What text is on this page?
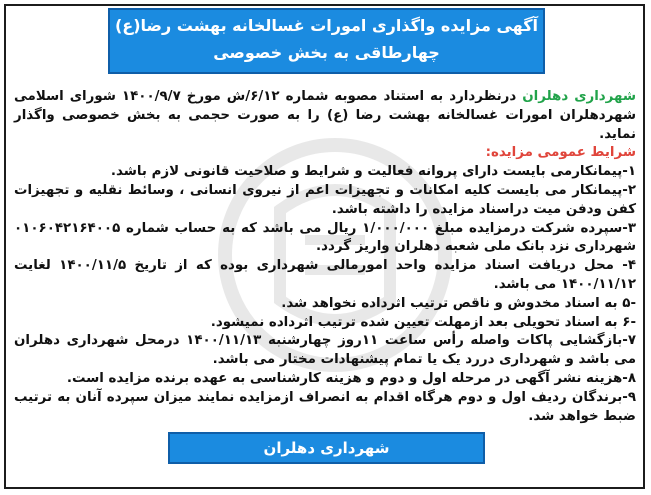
آگهی مزایده واگذاری امورات غسالخانه بهشت رضا(ع)
چهارطاقی به بخش خصوصی

شهرداری دهلران درنظردارد به استناد مصوبه شماره ۶/۱۲/ش مورخ ۱۴۰۰/۹/۷ شورای اسلامی شهردهلران امورات غسالخانه بهشت رضا (ع) را به صورت حجمی به بخش خصوصی واگذار نماید.

شرایط عمومی مزایده:

۱-پیمانکارمی بایست دارای پروانه فعالیت و شرایط و صلاحیت قانونی لازم باشد.

۲-پیمانکار می بایست کلیه امکانات و تجهیزات اعم از نیروی انسانی ، وسائط نقلیه و تجهیزات کفن ودفن میت دراسناد مزایده را داشته باشد.

۳-سپرده شرکت درمزایده مبلغ ۱/۰۰۰/۰۰۰ ریال می باشد که به حساب شماره ۰۱۰۶۰۴۲۱۶۴۰۰۵ شهرداری نزد بانک ملی شعبه دهلران واریز گردد.

۴- محل دریافت اسناد مزایده واحد امورمالی شهرداری بوده که از تاریخ ۱۴۰۰/۱۱/۵ لغایت ۱۴۰۰/۱۱/۱۲ می باشد.

-۵ به اسناد مخدوش و ناقص ترتیب اثرداده نخواهد شد.

-۶ به اسناد تحویلی بعد ازمهلت تعیین شده ترتیب اثرداده نمیشود.

۷-بازگشایی پاکات واصله رأس ساعت ۱۱روز چهارشنبه ۱۴۰۰/۱۱/۱۳ درمحل شهرداری دهلران می باشد و شهرداری دررد یک یا تمام پیشنهادات مختار می باشد.

۸-هزینه نشر آگهی در مرحله اول و دوم و هزینه کارشناسی به عهده برنده مزایده است.

۹-برندگان ردیف اول و دوم هرگاه اقدام به انصراف ازمزایده نمایند میزان سپرده آنان به ترتیب ضبط خواهد شد.

شهرداری دهلران
